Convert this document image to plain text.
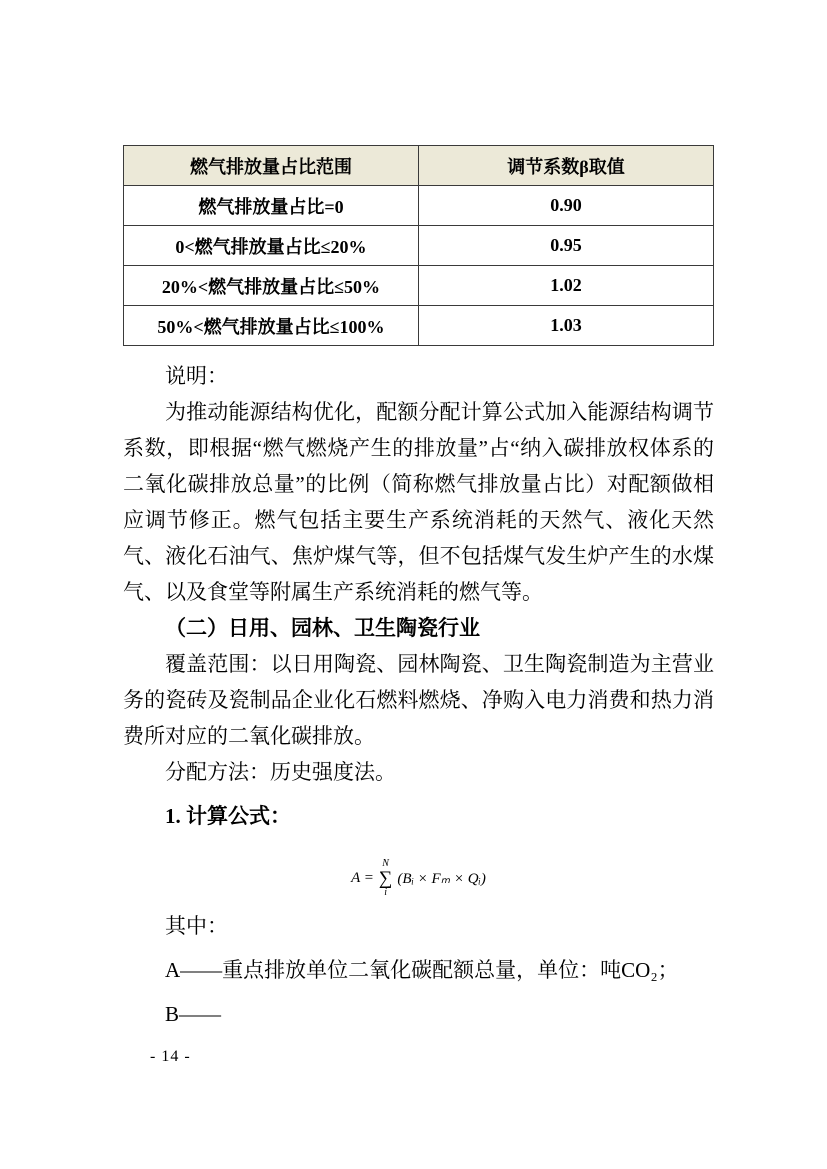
燃气排放量占比范围	调节系数β取值
燃气排放量占比=0	0.90
0<燃气排放量占比≤20%	0.95
20%<燃气排放量占比≤50%	1.02
50%<燃气排放量占比≤100%	1.03

说明：

为推动能源结构优化，配额分配计算公式加入能源结构调节系数，即根据“燃气燃烧产生的排放量”占“纳入碳排放权体系的二氧化碳排放总量”的比例（简称燃气排放量占比）对配额做相应调节修正。燃气包括主要生产系统消耗的天然气、液化天然气、液化石油气、焦炉煤气等，但不包括煤气发生炉产生的水煤气、以及食堂等附属生产系统消耗的燃气等。

（二）日用、园林、卫生陶瓷行业

覆盖范围：以日用陶瓷、园林陶瓷、卫生陶瓷制造为主营业务的瓷砖及瓷制品企业化石燃料燃烧、净购入电力消费和热力消费所对应的二氧化碳排放。

分配方法：历史强度法。

1. 计算公式：

A =
N
∑
i
(Bᵢ × Fₘ × Qᵢ)

其中：

A——重点排放单位二氧化碳配额总量，单位：吨CO₂；

B——

- 14 -
